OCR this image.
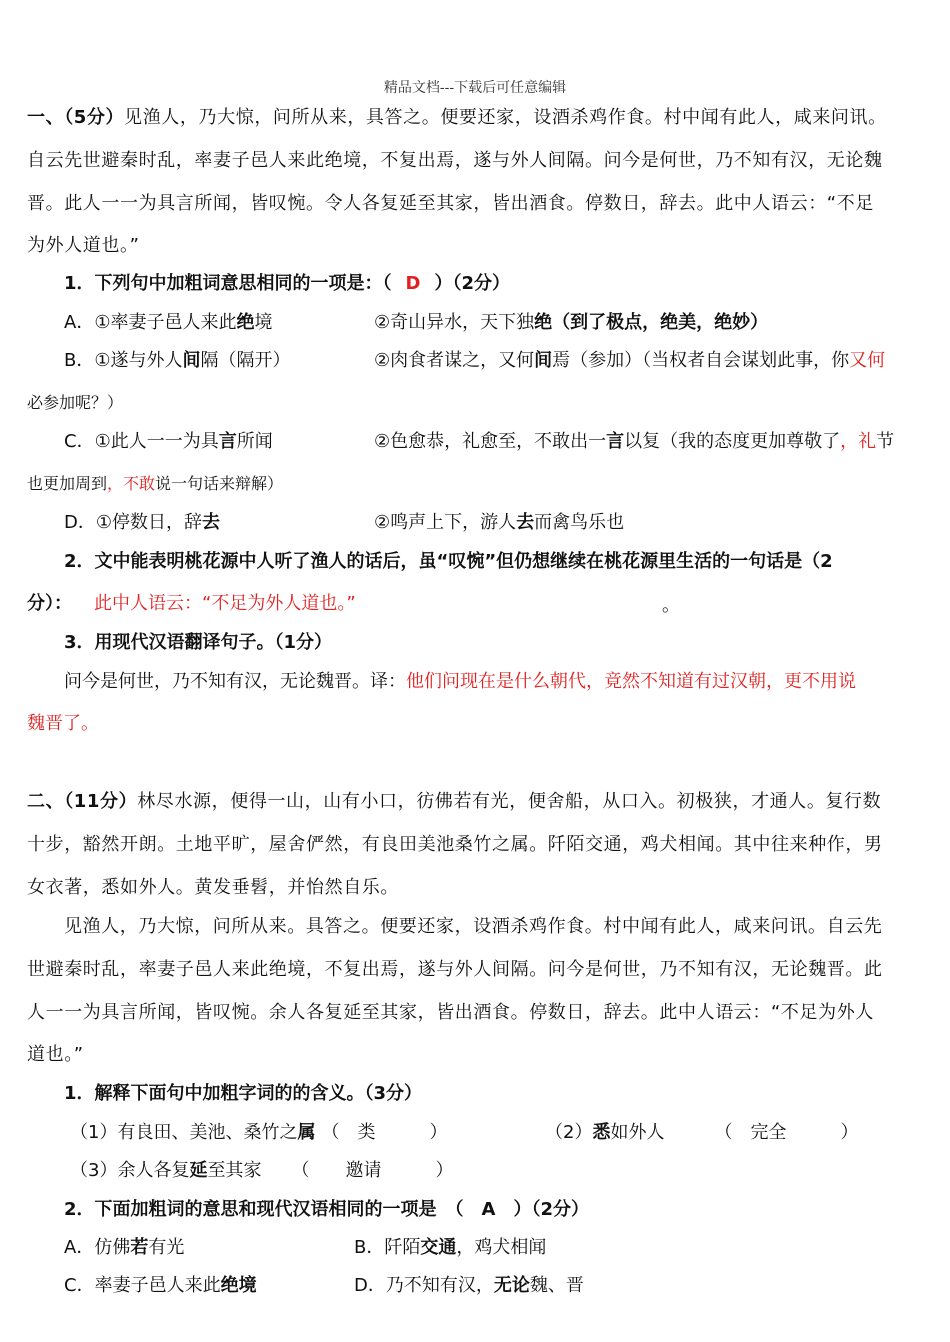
精品文档---下载后可任意编辑
一、（5分）见渔人，乃大惊，问所从来，具答之。便要还家，设酒杀鸡作食。村中闻有此人，咸来问讯。
自云先世避秦时乱，率妻子邑人来此绝境，不复出焉，遂与外人间隔。问今是何世，乃不知有汉，无论魏
晋。此人一一为具言所闻，皆叹惋。令人各复延至其家，皆出酒食。停数日，辞去。此中人语云：“不足
为外人道也。”
1．下列句中加粗词意思相同的一项是：（ D ）（2分）
A．①率妻子邑人来此绝境	②奇山异水，天下独绝（到了极点，绝美，绝妙）
B．①遂与外人间隔（隔开）	②肉食者谋之，又何间焉（参加）（当权者自会谋划此事，你又何
必参加呢？）
C．①此人一一为具言所闻	②色愈恭，礼愈至，不敢出一言以复（我的态度更加尊敬了，礼节
也更加周到，不敢说一句话来辩解）
D．①停数日，辞去	②鸣声上下，游人去而禽鸟乐也
2．文中能表明桃花源中人听了渔人的话后，虽“叹惋”但仍想继续在桃花源里生活的一句话是（2
分）： 此中人语云：“不足为外人道也。”	。
3．用现代汉语翻译句子。（1分）
问今是何世，乃不知有汉，无论魏晋。译：他们问现在是什么朝代，竟然不知道有过汉朝，更不用说
魏晋了。
二、（11分）林尽水源，便得一山，山有小口，彷佛若有光，便舍船，从口入。初极狭，才通人。复行数
十步，豁然开朗。土地平旷，屋舍俨然，有良田美池桑竹之属。阡陌交通，鸡犬相闻。其中往来种作，男
女衣著，悉如外人。黄发垂髫，并怡然自乐。
见渔人，乃大惊，问所从来。具答之。便要还家，设酒杀鸡作食。村中闻有此人，咸来问讯。自云先
世避秦时乱，率妻子邑人来此绝境，不复出焉，遂与外人间隔。问今是何世，乃不知有汉，无论魏晋。此
人一一为具言所闻，皆叹惋。余人各复延至其家，皆出酒食。停数日，辞去。此中人语云：“不足为外人
道也。”
1．解释下面句中加粗字词的的含义。（3分）
（1）有良田、美池、桑竹之属 （　类　　　）	（2）悉如外人	（　完全　　　）
（3）余人各复延至其家 （　　邀请　　　）
2．下面加粗词的意思和现代汉语相同的一项是　（　A　）（2分）
A．仿佛若有光	B．阡陌交通，鸡犬相闻
C．率妻子邑人来此绝境	D．乃不知有汉，无论魏、晋
